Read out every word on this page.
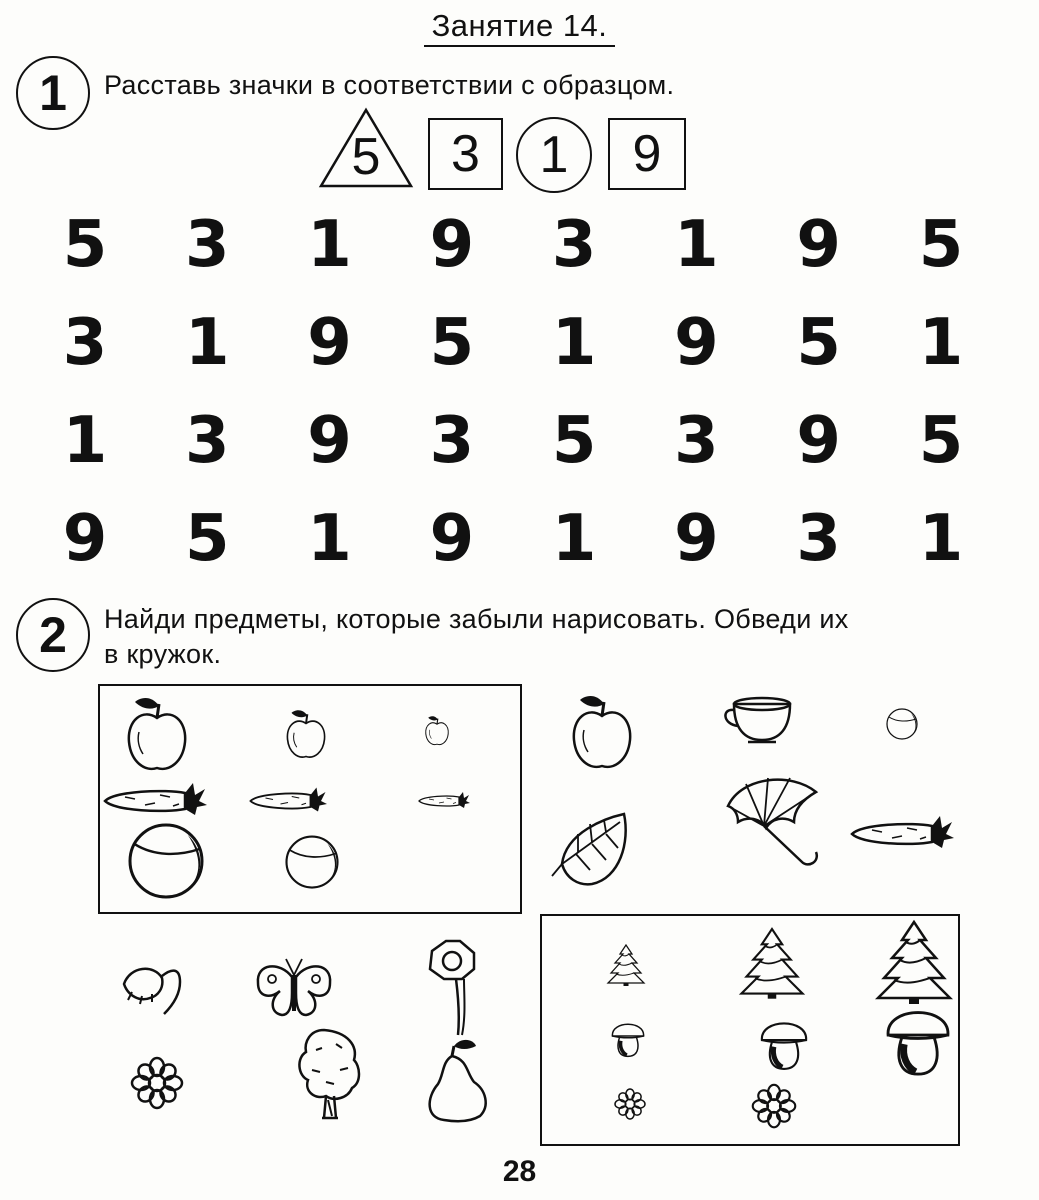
Занятие 14.
1	Расставь значки в соответствии с образцом.
5	3 1 9
5	3	1	9	3	1	9	5
3	1	9	5	1	9	5	1
1	3	9	3	5	3	9	5
9	5	1	9	1	9	3	1
2	Найди предметы, которые забыли нарисовать. Обведи их
в кружок.
28
